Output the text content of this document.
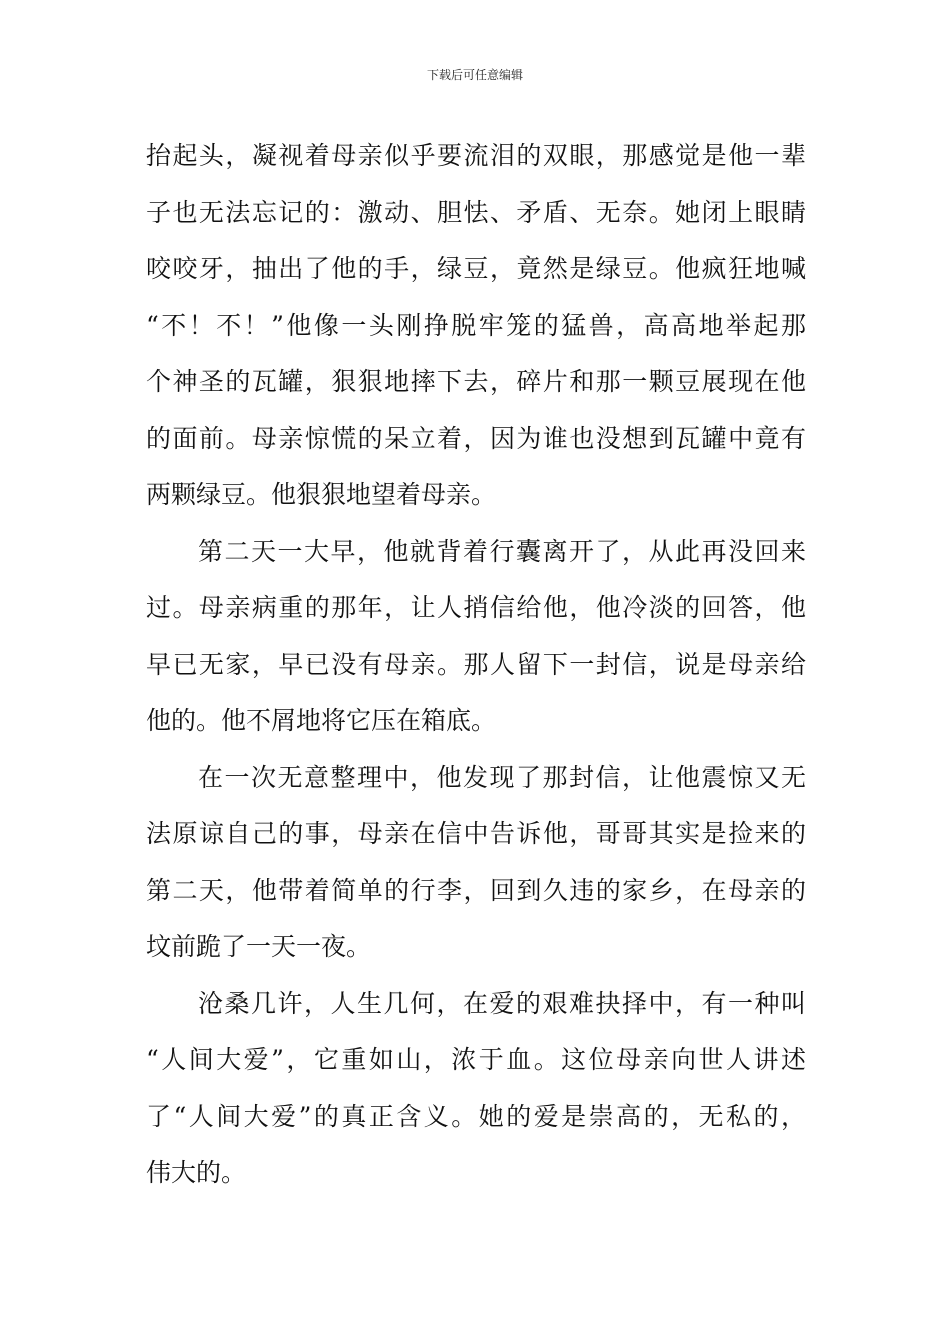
下载后可任意编辑
抬起头，凝视着母亲似乎要流泪的双眼，那感觉是他一辈
子也无法忘记的：激动、胆怯、矛盾、无奈。她闭上眼睛
咬咬牙，抽出了他的手，绿豆，竟然是绿豆。他疯狂地喊
“不！不！”他像一头刚挣脱牢笼的猛兽，高高地举起那
个神圣的瓦罐，狠狠地摔下去，碎片和那一颗豆展现在他
的面前。母亲惊慌的呆立着，因为谁也没想到瓦罐中竟有
两颗绿豆。他狠狠地望着母亲。
第二天一大早，他就背着行囊离开了，从此再没回来
过。母亲病重的那年，让人捎信给他，他冷淡的回答，他
早已无家，早已没有母亲。那人留下一封信，说是母亲给
他的。他不屑地将它压在箱底。
在一次无意整理中，他发现了那封信，让他震惊又无
法原谅自己的事，母亲在信中告诉他，哥哥其实是捡来的
第二天，他带着简单的行李，回到久违的家乡，在母亲的
坟前跪了一天一夜。
沧桑几许，人生几何，在爱的艰难抉择中，有一种叫
“人间大爱”，它重如山，浓于血。这位母亲向世人讲述
了“人间大爱”的真正含义。她的爱是崇高的，无私的，
伟大的。
